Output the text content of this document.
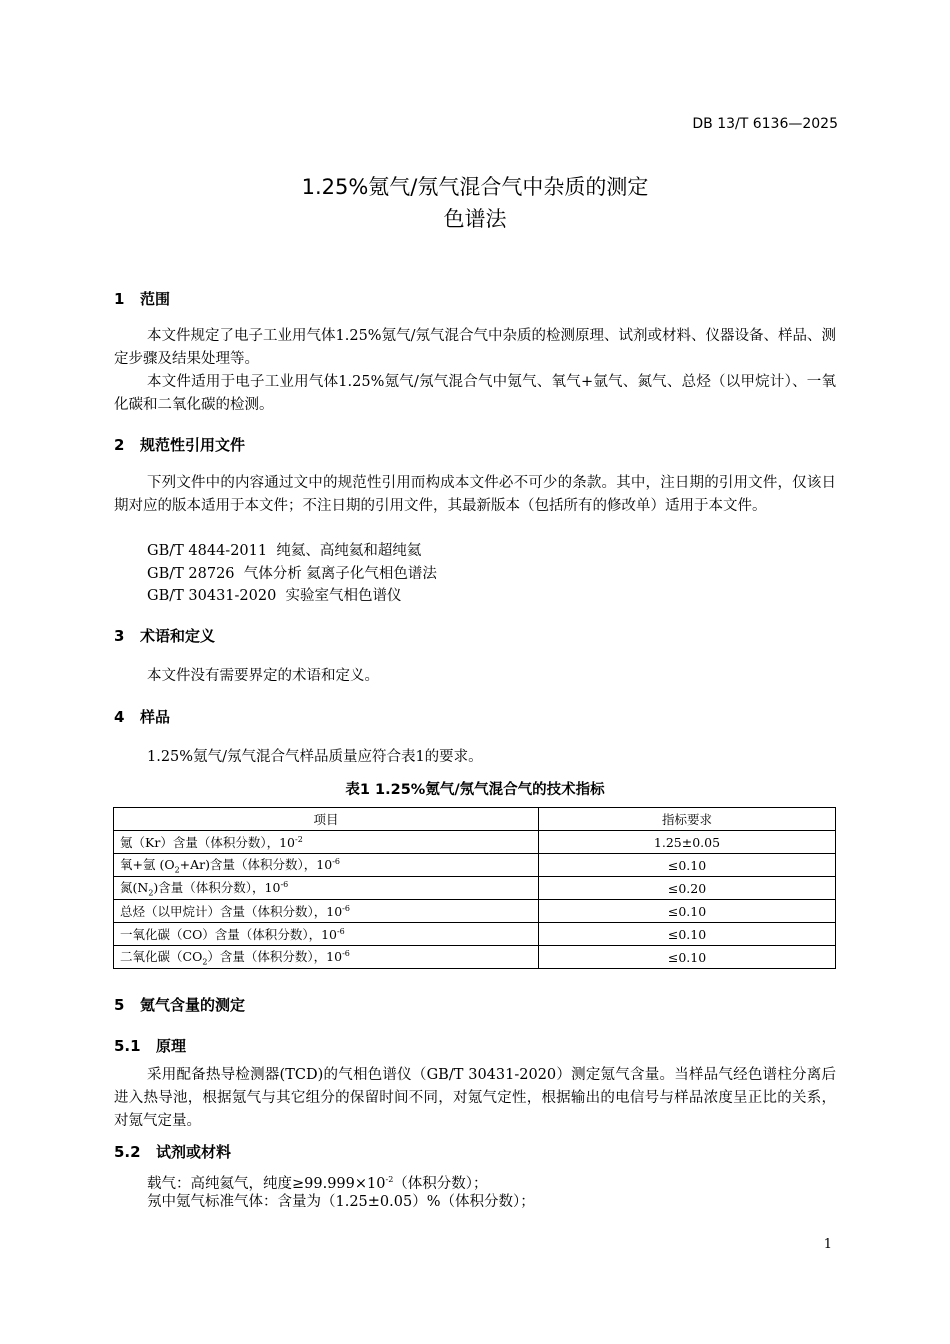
DB 13/T 6136—2025
1.25%氪气/氖气混合气中杂质的测定
色谱法
1 范围

本文件规定了电子工业用气体1.25%氪气/氖气混合气中杂质的检测原理、试剂或材料、仪器设备、样品、测定步骤及结果处理等。

本文件适用于电子工业用气体1.25%氪气/氖气混合气中氪气、氧气+氩气、氮气、总烃（以甲烷计）、一氧化碳和二氧化碳的检测。

2 规范性引用文件

下列文件中的内容通过文中的规范性引用而构成本文件必不可少的条款。其中，注日期的引用文件，仅该日期对应的版本适用于本文件；不注日期的引用文件，其最新版本（包括所有的修改单）适用于本文件。

GB/T 4844-2011  纯氦、高纯氦和超纯氦
GB/T 28726  气体分析 氦离子化气相色谱法
GB/T 30431-2020  实验室气相色谱仪
3 术语和定义
本文件没有需要界定的术语和定义。
4 样品
1.25%氪气/氖气混合气样品质量应符合表1的要求。
表1 1.25%氪气/氖气混合气的技术指标
项目	指标要求
氪（Kr）含量（体积分数），$10^{-2}$	1.25±0.05
氧+氩 $(O_2+Ar)$含量（体积分数），$10^{-6}$	≤0.10
氮$(N_2)$含量（体积分数），$10^{-6}$	≤0.20
总烃（以甲烷计）含量（体积分数），$10^{-6}$	≤0.10
一氧化碳（CO）含量（体积分数），$10^{-6}$	≤0.10
二氧化碳$(CO_2)$含量（体积分数），$10^{-6}$	≤0.10
5 氪气含量的测定
5.1 原理

采用配备热导检测器(TCD)的气相色谱仪（GB/T 30431-2020）测定氪气含量。当样品气经色谱柱分离后进入热导池，根据氪气与其它组分的保留时间不同，对氪气定性，根据输出的电信号与样品浓度呈正比的关系，对氪气定量。

5.2 试剂或材料
载气：高纯氦气，纯度$\ge 99.999\times 10^{-2}$（体积分数）；
氖中氪气标准气体：含量为（1.25±0.05）%（体积分数）；
1
